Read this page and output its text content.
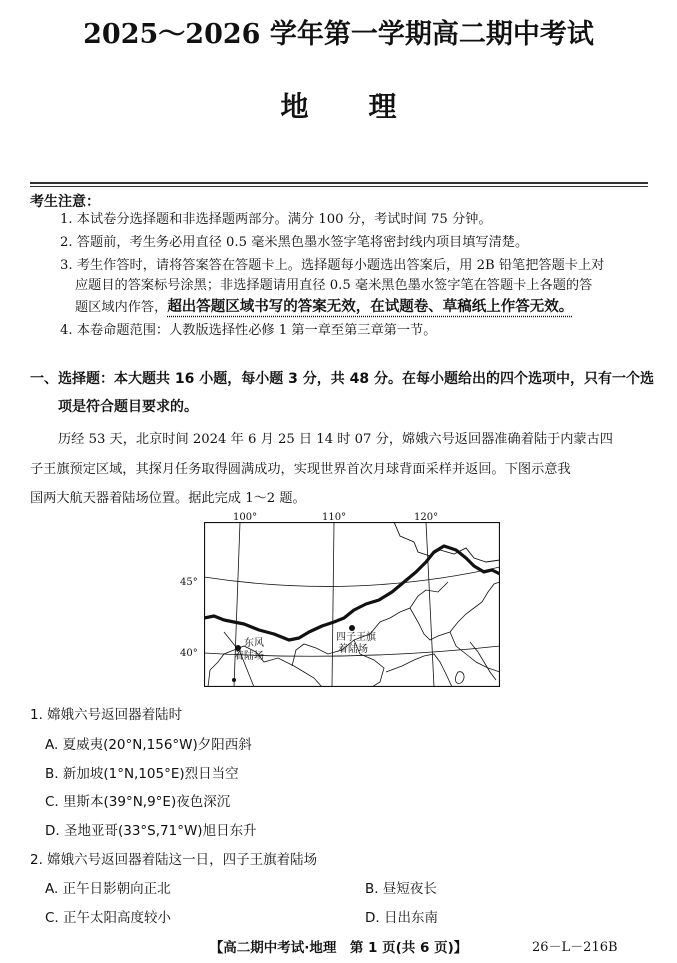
2025～2026 学年第一学期高二期中考试
地理
考生注意：
1. 本试卷分选择题和非选择题两部分。满分 100 分，考试时间 75 分钟。
2. 答题前，考生务必用直径 0.5 毫米黑色墨水签字笔将密封线内项目填写清楚。
3. 考生作答时，请将答案答在答题卡上。选择题每小题选出答案后，用 2B 铅笔把答题卡上对
应题目的答案标号涂黑；非选择题请用直径 0.5 毫米黑色墨水签字笔在答题卡上各题的答
题区域内作答，超出答题区域书写的答案无效，在试题卷、草稿纸上作答无效。
4. 本卷命题范围：人教版选择性必修 1 第一章至第三章第一节。
一、选择题：本大题共 16 小题，每小题 3 分，共 48 分。在每小题给出的四个选项中，只有一个选
项是符合题目要求的。
历经 53 天，北京时间 2024 年 6 月 25 日 14 时 07 分，嫦娥六号返回器准确着陆于内蒙古四
子王旗预定区域，其探月任务取得圆满成功，实现世界首次月球背面采样并返回。下图示意我
国两大航天器着陆场位置。据此完成 1～2 题。
东风
着陆场
四子王旗
着陆场
100°	110°	120°
45°
40°
1. 嫦娥六号返回器着陆时
A. 夏威夷(20°N,156°W)夕阳西斜
B. 新加坡(1°N,105°E)烈日当空
C. 里斯本(39°N,9°E)夜色深沉
D. 圣地亚哥(33°S,71°W)旭日东升
2. 嫦娥六号返回器着陆这一日，四子王旗着陆场
A. 正午日影朝向正北	B. 昼短夜长
C. 正午太阳高度较小	D. 日出东南
【高二期中考试·地理　第 1 页(共 6 页)】	26－L－216B
